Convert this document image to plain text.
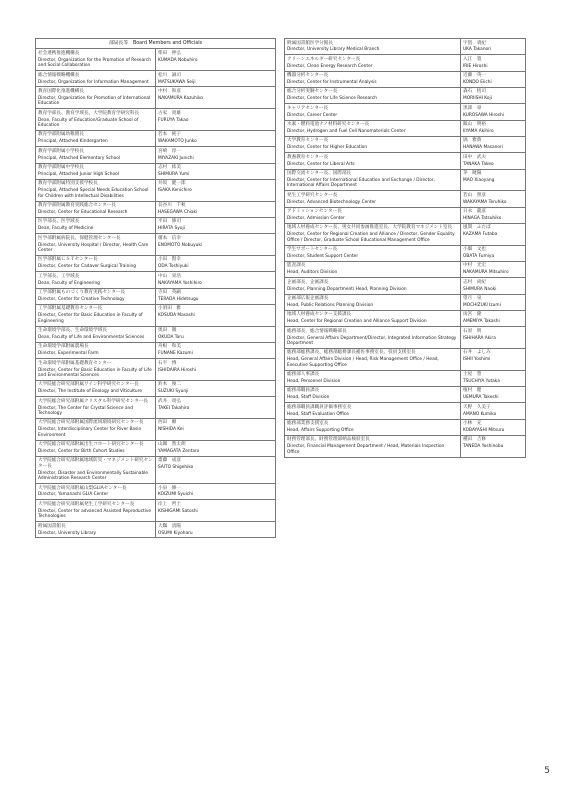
部局長等　Board Members and Officials	

社会連携推進機構長
Director, Organization for the Promotion of Research and Social Collaboration	柴田　伸弘
KUMADA Nobuhiro

総合情報戦略機構長
Director, Organization for Information Management	松川　誠司
MATSUKAWA Seiji

教育国際化推進機構長
Director, Organization for Promotion of International Education	中村　和彦
NAKAMURA Kazuhiko

教育学部長、教育学域長、大学院教育学研究科長
Dean, Faculty of Education/Graduate School of Education	古家　貴雄
FURUYA Takao

教育学部附属幼稚園長
Principal, Attached Kindergarten	若本　純子
WAKAMOTO Junko

教育学部附属小学校長
Principal, Attached Elementary School	宮崎　淳一
MIYAZAKI Junichi

教育学部附属中学校長
Principal, Attached Junior High School	志村　結美
SHIMURA Yumi

教育学部附属特別支援学校長
Principal, Attached Special Needs Education School for Children with Intellectual Disabilities	井坂　健一郎
ISAKA Kenichiro

教育学部附属教育実践総合センター長
Director, Center for Educational Research	長谷川　千秋
HASEGAWA Chiaki

医学部長、医学域長
Dean, Faculty of Medicine	平田　修司
HIRATA Syuji

医学部附属病院長、保健管理センター長
Director, University Hospital / Director, Health Care Center	榎本　信幸
ENOMOTO Nobuyuki

医学部附属ＣＳＴセンター長
Director, Center for Cadaver Surgical Training	小田　賢幸
ODA Toshiyuki

工学部長、工学域長
Dean, Faculty of Engineering	中山　栄浩
NAKAYAMA Yoshihiro

工学部附属ものづくり教育実践センター長
Director, Center for Creative Technology	寺田　英嗣
TERADA Hidetsugu

工学部附属基礎教育センター長
Director, Center for Basic Education in Faculty of Engineering	小須田　雅
KOSUDA Masashi

生命環境学部長、生命環境学域長
Dean, Faculty of Life and Environmental Sciences	奥田　徹
OKUDA Toru

生命環境学部附属農場長
Director, Experimental Farm	舟根　和美
FUNANE Kazumi

生命環境学部附属基礎教育センター
Director, Center for Basic Education in Faculty of Life and Environmental Sciences	石平　博
ISHIDAIRA Hiroshi

大学院総合研究部附属ワイン科学研究センター長
Director, The Institute of Enology and Viticulture	鈴木　俊二
SUZUKI Syunji

大学院総合研究部附属クリスタル科学研究センター長
Director, The Center for Crystal Science and Technology	武井　貴弘
TAKEI Takahiro

大学院総合研究部附属国際流域環境研究センター長
Director, Interdisciplinary Center for River Basin Environment	西田　継
NISHIDA Kei

大学院総合研究部附属出生コホート研究センター長
Director, Center for Birth Cohort Studies	山縣　然太朗
YAMAGATA Zentaro

大学院総合研究部附属地域防災・マネジメント研究センター長
Director, Disaster and Environmentally Sustainable Administration Research Center	齋藤　成彦
SAITO Shigehiko

大学院総合研究部附属山梨GLIAセンター長
Director, Yamanashi GLIA Center	小泉　修一
KOIZUMI Syuichi

大学院総合研究部附属発生工学研究センター長
Director, Center for advanced Assisted Reproductive Technologies	岸上　哲士
KISHIGAMI Satoshi

附属図書館長
Director, University Library	大隅　清陽
OSUMI Kiyoharu
附属図書館医学分館長
Director, University Library Medical Branch	宇賀　貴紀
UKA Takanori

クリーンエネルギー研究センター長
Director, Clean Energy Research Center	入江　寛
IRIE Hiroshi

機器分析センター長
Director, Center for Instrumental Analysis	近藤　英一
KONDO Eiichi

総合分析実験センター長
Director, Center for Life Science Research	森石　恆司
MORIISHI Koji

キャリアセンター長
Director, Career Center	黒澤　尋
KUROSAWA Hiroshi

水素・燃料電池ナノ材料研究センター長
Director, Hydrogen and Fuel Cell Nanomaterials Center	飯山　明裕
IIYAMA Akihiro

大学教育センター長
Director, Center for Higher Education	塙　雅典
HANAWA Masanori

教養教育センター長
Director, Center for Liberal Arts	田中　武夫
TANAKA Takeo

国際交流センター長、国際部長
Director, Center for International Education and Exchange / Director, International Affairs Department	茅　暁陽
MAO Xiaoyang

発生工学研究センター長
Director, Advanced Biotechnology Center	若山　照彦
WAKAYAMA Teruhiko

アドミッションセンター長
Director, Admission Center	日永　龍彦
HINAGA Tatsuhiko

地域人材養成センター長、男女共同参画推進室長、大学院教育マネジメント室長
Director, Center for Regional Creation and Alliance / Director, Gender Equality Office / Director, Graduate School Educational Management Office	風間　ふたば
KAZAMA Futaba

学生サポートセンター長
Director, Student Support Center	小畑　文也
OBATA Fumiya

監査課長
Head, Auditors Division	中村　光宏
NAKAMURA Mitsuhiro

企画部長、企画課長
Director, Planning Department/ Head, Planning Division	志村　尚紀
SHIMURA Naoki

企画部広報企画課長
Head, Public Relations Planning Division	望月　泉
MOCHIZUKI Izumi

地域人材養成センター支援課長
Head, Center for Regional Creation and Alliance Support Division	雨宮　隆
AMEMIYA Takashi

総務部長、総合情報戦略部長
Director, General Affairs Department/Director, Integrated Information Strategy Department	石原　明
ISHIHARA Akira

総務部総務課長、総務部総務課長補佐事務室長、役員支援室長
Head, General Affairs Division / Head, Risk Management Office / Head, Executive Supporting Office	石井　よしみ
ISHII Yoshimi

総務部人事課長
Head, Personnel Division	土屋　豊
TSUCHIYA Yutaka

総務部職員課長
Head, Staff Division	植村　健
UEMURA Takeshi

総務部職員課職員評価事務室長
Head, Staff Evaluation Office	天野　久美子
AMANO Kumiko

総務部業務支援室長
Head, Affairs Supporting Office	小林　充
KOBAYASHI Mitsuru

財務管理部長、財務管理部納品検収室長
Director, Financial Management Department / Head, Materials Inspection Office	種田　吉修
TANEDA Yoshinobu
5
